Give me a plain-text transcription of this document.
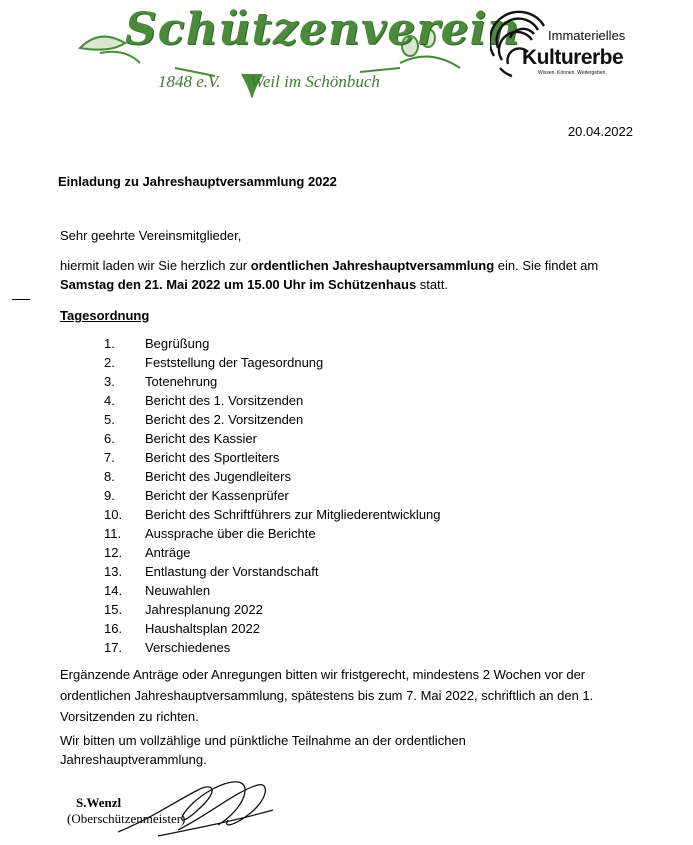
Schützenverein
1848 e.V. Weil im Schönbuch
Immaterielles
Kulturerbe
Wissen. Können. Weitergeben.
20.04.2022
Einladung zu Jahreshauptversammlung 2022
Sehr geehrte Vereinsmitglieder,
hiermit laden wir Sie herzlich zur ordentlichen Jahreshauptversammlung ein. Sie findet am Samstag den 21. Mai 2022 um 15.00 Uhr im Schützenhaus statt.
Tagesordnung
1. Begrüßung
2. Feststellung der Tagesordnung
3. Totenehrung
4. Bericht des 1. Vorsitzenden
5. Bericht des 2. Vorsitzenden
6. Bericht des Kassier
7. Bericht des Sportleiters
8. Bericht des Jugendleiters
9. Bericht der Kassenprüfer
10. Bericht des Schriftführers zur Mitgliederentwicklung
11. Aussprache über die Berichte
12. Anträge
13. Entlastung der Vorstandschaft
14. Neuwahlen
15. Jahresplanung 2022
16. Haushaltsplan 2022
17. Verschiedenes
Ergänzende Anträge oder Anregungen bitten wir fristgerecht, mindestens 2 Wochen vor der ordentlichen Jahreshauptversammlung, spätestens bis zum 7. Mai 2022, schriftlich an den 1. Vorsitzenden zu richten.
Wir bitten um vollzählige und pünktliche Teilnahme an der ordentlichen Jahreshauptverammlung.
S.Wenzl
(Oberschützenmeister)
